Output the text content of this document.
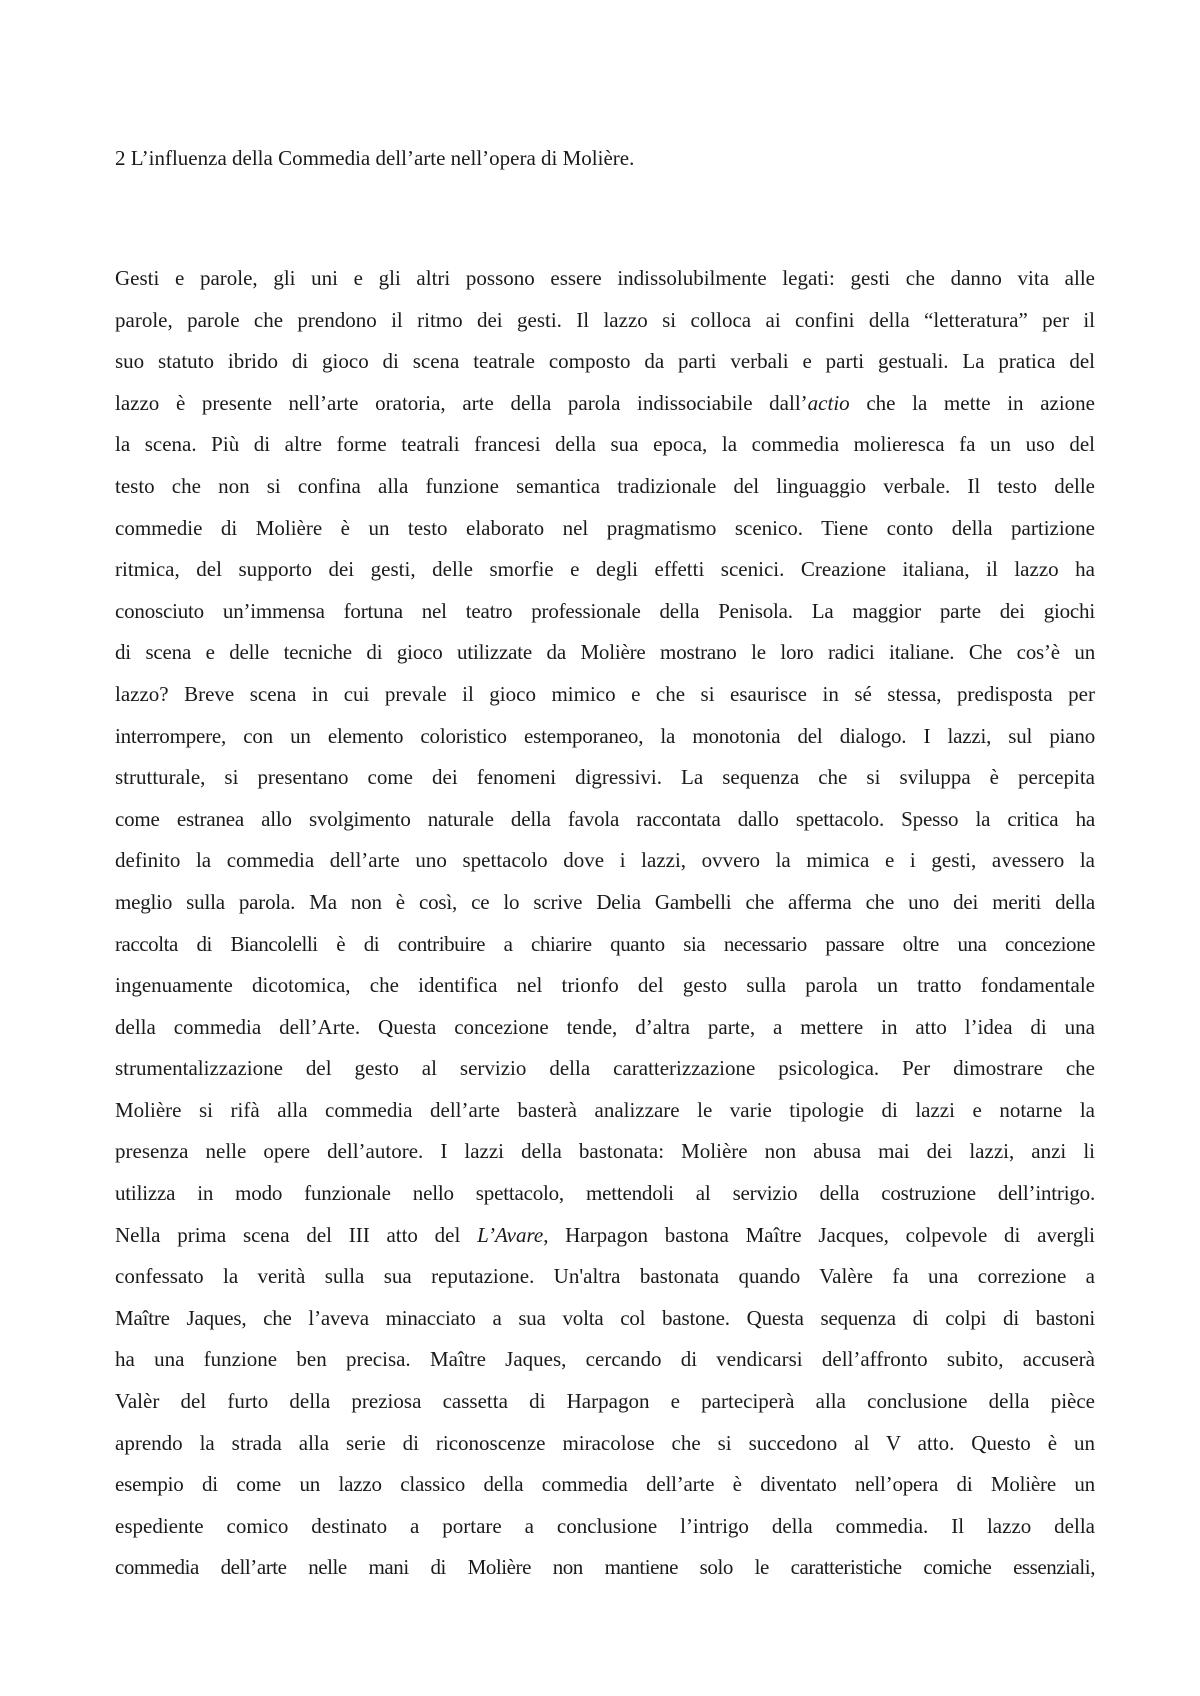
2 L’influenza della Commedia dell’arte nell’opera di Molière.
Gesti e parole, gli uni e gli altri possono essere indissolubilmente legati: gesti che danno vita alle
parole, parole che prendono il ritmo dei gesti. Il lazzo si colloca ai confini della “letteratura” per il
suo statuto ibrido di gioco di scena teatrale composto da parti verbali e parti gestuali. La pratica del
lazzo è presente nell’arte oratoria, arte della parola indissociabile dall’actio che la mette in azione
la scena. Più di altre forme teatrali francesi della sua epoca, la commedia molieresca fa un uso del
testo che non si confina alla funzione semantica tradizionale del linguaggio verbale. Il testo delle
commedie di Molière è un testo elaborato nel pragmatismo scenico. Tiene conto della partizione
ritmica, del supporto dei gesti, delle smorfie e degli effetti scenici. Creazione italiana, il lazzo ha
conosciuto un’immensa fortuna nel teatro professionale della Penisola. La maggior parte dei giochi
di scena e delle tecniche di gioco utilizzate da Molière mostrano le loro radici italiane. Che cos’è un
lazzo? Breve scena in cui prevale il gioco mimico e che si esaurisce in sé stessa, predisposta per
interrompere, con un elemento coloristico estemporaneo, la monotonia del dialogo. I lazzi, sul piano
strutturale, si presentano come dei fenomeni digressivi. La sequenza che si sviluppa è percepita
come estranea allo svolgimento naturale della favola raccontata dallo spettacolo. Spesso la critica ha
definito la commedia dell’arte uno spettacolo dove i lazzi, ovvero la mimica e i gesti, avessero la
meglio sulla parola. Ma non è così, ce lo scrive Delia Gambelli che afferma che uno dei meriti della
raccolta di Biancolelli è di contribuire a chiarire quanto sia necessario passare oltre una concezione
ingenuamente dicotomica, che identifica nel trionfo del gesto sulla parola un tratto fondamentale
della commedia dell’Arte. Questa concezione tende, d’altra parte, a mettere in atto l’idea di una
strumentalizzazione del gesto al servizio della caratterizzazione psicologica. Per dimostrare che
Molière si rifà alla commedia dell’arte basterà analizzare le varie tipologie di lazzi e notarne la
presenza nelle opere dell’autore. I lazzi della bastonata: Molière non abusa mai dei lazzi, anzi li
utilizza in modo funzionale nello spettacolo, mettendoli al servizio della costruzione dell’intrigo.
Nella prima scena del III atto del L’Avare, Harpagon bastona Maître Jacques, colpevole di avergli
confessato la verità sulla sua reputazione. Un'altra bastonata quando Valère fa una correzione a
Maître Jaques, che l’aveva minacciato a sua volta col bastone. Questa sequenza di colpi di bastoni
ha una funzione ben precisa. Maître Jaques, cercando di vendicarsi dell’affronto subito, accuserà
Valèr del furto della preziosa cassetta di Harpagon e parteciperà alla conclusione della pièce
aprendo la strada alla serie di riconoscenze miracolose che si succedono al V atto. Questo è un
esempio di come un lazzo classico della commedia dell’arte è diventato nell’opera di Molière un
espediente comico destinato a portare a conclusione l’intrigo della commedia. Il lazzo della
commedia dell’arte nelle mani di Molière non mantiene solo le caratteristiche comiche essenziali,
